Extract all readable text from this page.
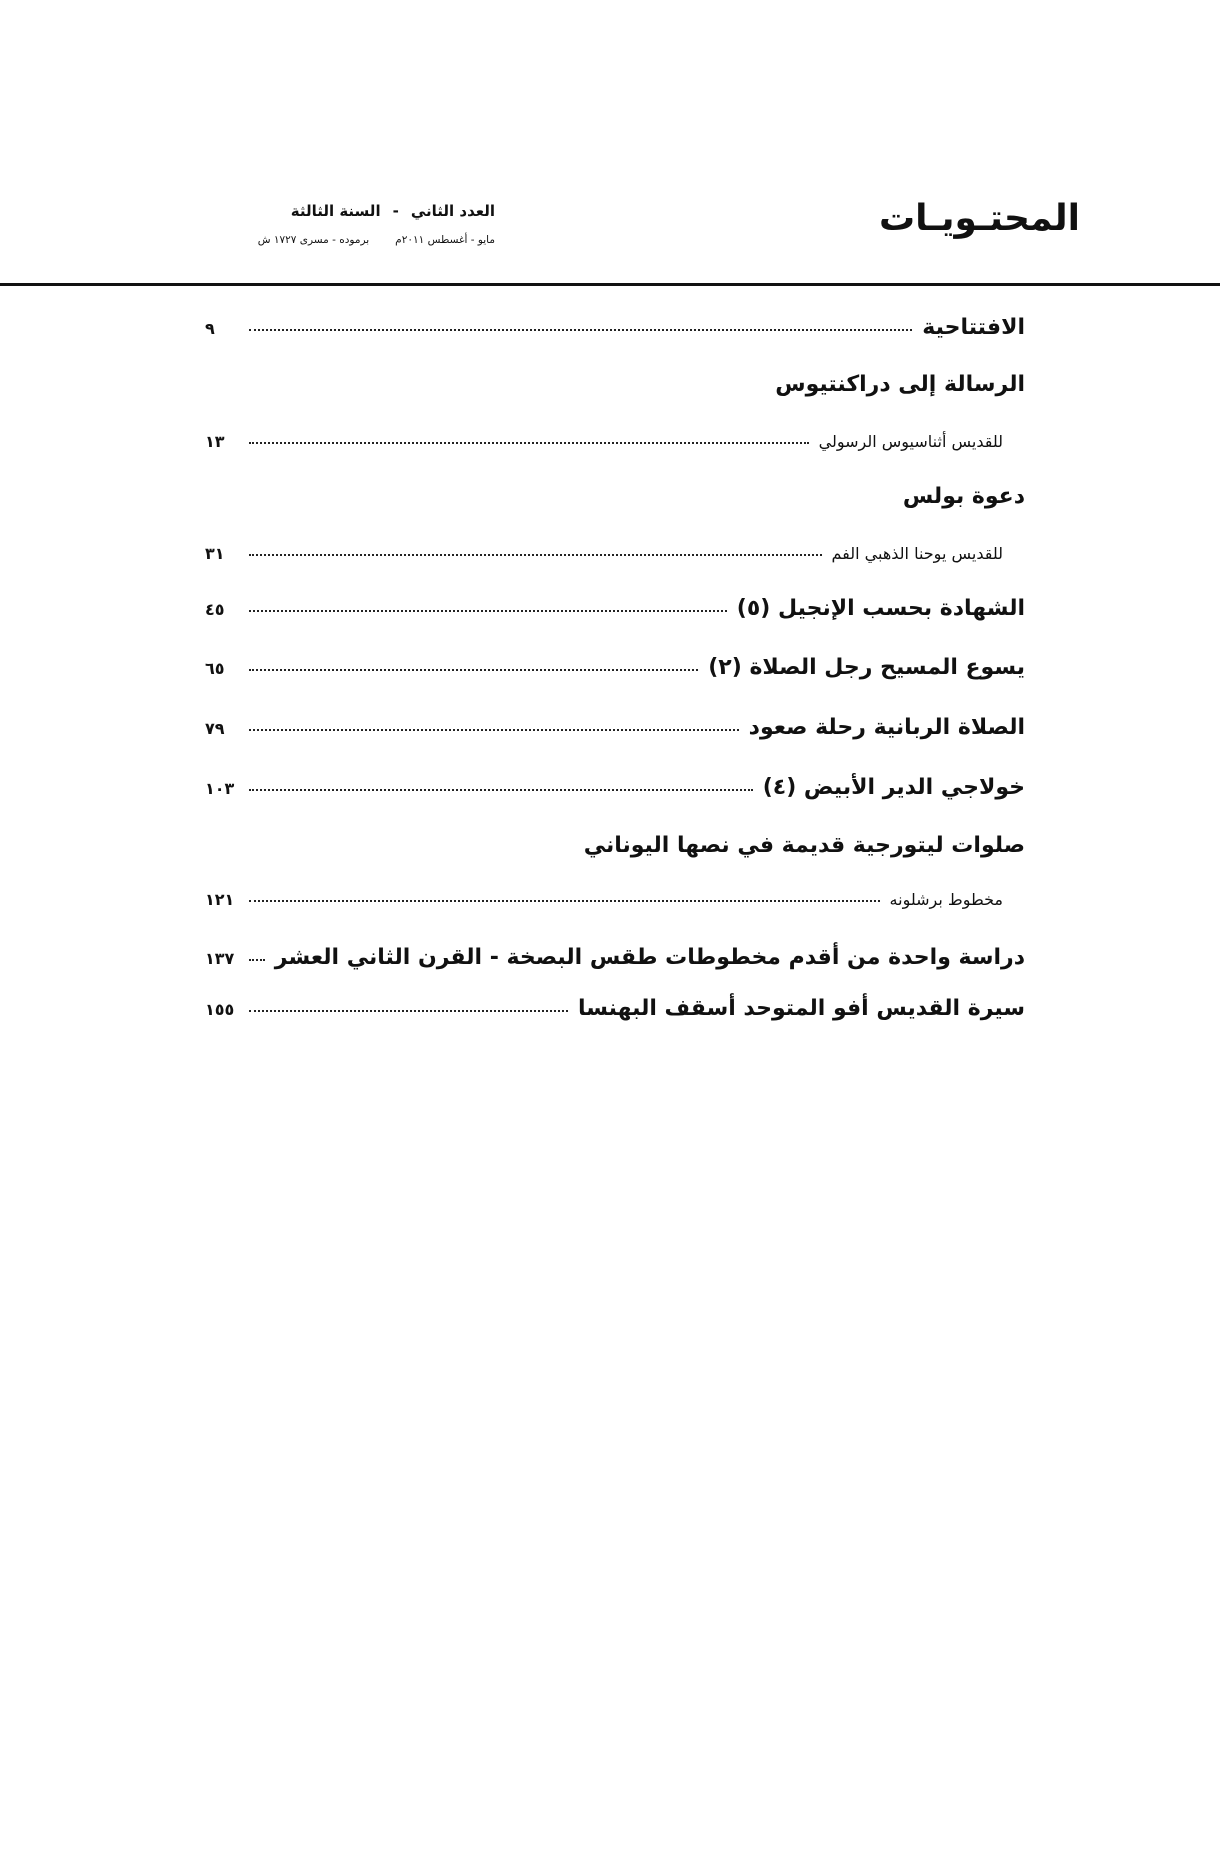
المحتـويـات
العدد الثاني-السنة الثالثة
مايو - أغسطس ٢٠١١مبرموده - مسرى ١٧٢٧ ش
الافتتاحية
٩
الرسالة إلى دراكنتيوس
للقديس أثناسيوس الرسولي
١٣
دعوة بولس
للقديس يوحنا الذهبي الفم
٣١
الشهادة بحسب الإنجيل (٥)
٤٥
يسوع المسيح رجل الصلاة (٢)
٦٥
الصلاة الربانية رحلة صعود
٧٩
خولاجي الدير الأبيض (٤)
١٠٣
صلوات ليتورجية قديمة في نصها اليوناني
مخطوط برشلونه
١٢١
دراسة واحدة من أقدم مخطوطات طقس البصخة - القرن الثاني العشر
١٣٧
سيرة القديس أفو المتوحد أسقف البهنسا
١٥٥
